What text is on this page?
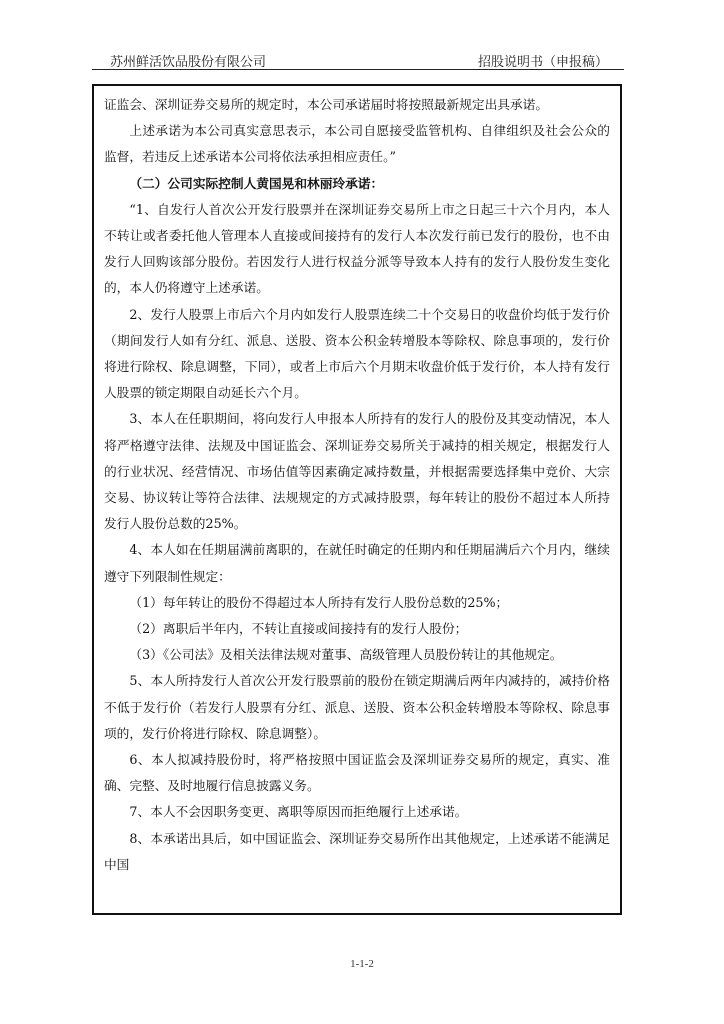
苏州鲜活饮品股份有限公司	招股说明书（申报稿）

证监会、深圳证券交易所的规定时，本公司承诺届时将按照最新规定出具承诺。

上述承诺为本公司真实意思表示，本公司自愿接受监管机构、自律组织及社会公众的监督，若违反上述承诺本公司将依法承担相应责任。”

（二）公司实际控制人黄国晃和林丽玲承诺：

“1、自发行人首次公开发行股票并在深圳证券交易所上市之日起三十六个月内，本人不转让或者委托他人管理本人直接或间接持有的发行人本次发行前已发行的股份，也不由发行人回购该部分股份。若因发行人进行权益分派等导致本人持有的发行人股份发生变化的，本人仍将遵守上述承诺。

2、发行人股票上市后六个月内如发行人股票连续二十个交易日的收盘价均低于发行价（期间发行人如有分红、派息、送股、资本公积金转增股本等除权、除息事项的，发行价将进行除权、除息调整，下同），或者上市后六个月期末收盘价低于发行价，本人持有发行人股票的锁定期限自动延长六个月。

3、本人在任职期间，将向发行人申报本人所持有的发行人的股份及其变动情况，本人将严格遵守法律、法规及中国证监会、深圳证券交易所关于减持的相关规定，根据发行人的行业状况、经营情况、市场估值等因素确定减持数量，并根据需要选择集中竞价、大宗交易、协议转让等符合法律、法规规定的方式减持股票，每年转让的股份不超过本人所持发行人股份总数的25%。

4、本人如在任期届满前离职的，在就任时确定的任期内和任期届满后六个月内，继续遵守下列限制性规定：

（1）每年转让的股份不得超过本人所持有发行人股份总数的25%；

（2）离职后半年内，不转让直接或间接持有的发行人股份；

（3）《公司法》及相关法律法规对董事、高级管理人员股份转让的其他规定。

5、本人所持发行人首次公开发行股票前的股份在锁定期满后两年内减持的，减持价格不低于发行价（若发行人股票有分红、派息、送股、资本公积金转增股本等除权、除息事项的，发行价将进行除权、除息调整）。

6、本人拟减持股份时，将严格按照中国证监会及深圳证券交易所的规定，真实、准确、完整、及时地履行信息披露义务。

7、本人不会因职务变更、离职等原因而拒绝履行上述承诺。

8、本承诺出具后，如中国证监会、深圳证券交易所作出其他规定，上述承诺不能满足中国

1-1-2
